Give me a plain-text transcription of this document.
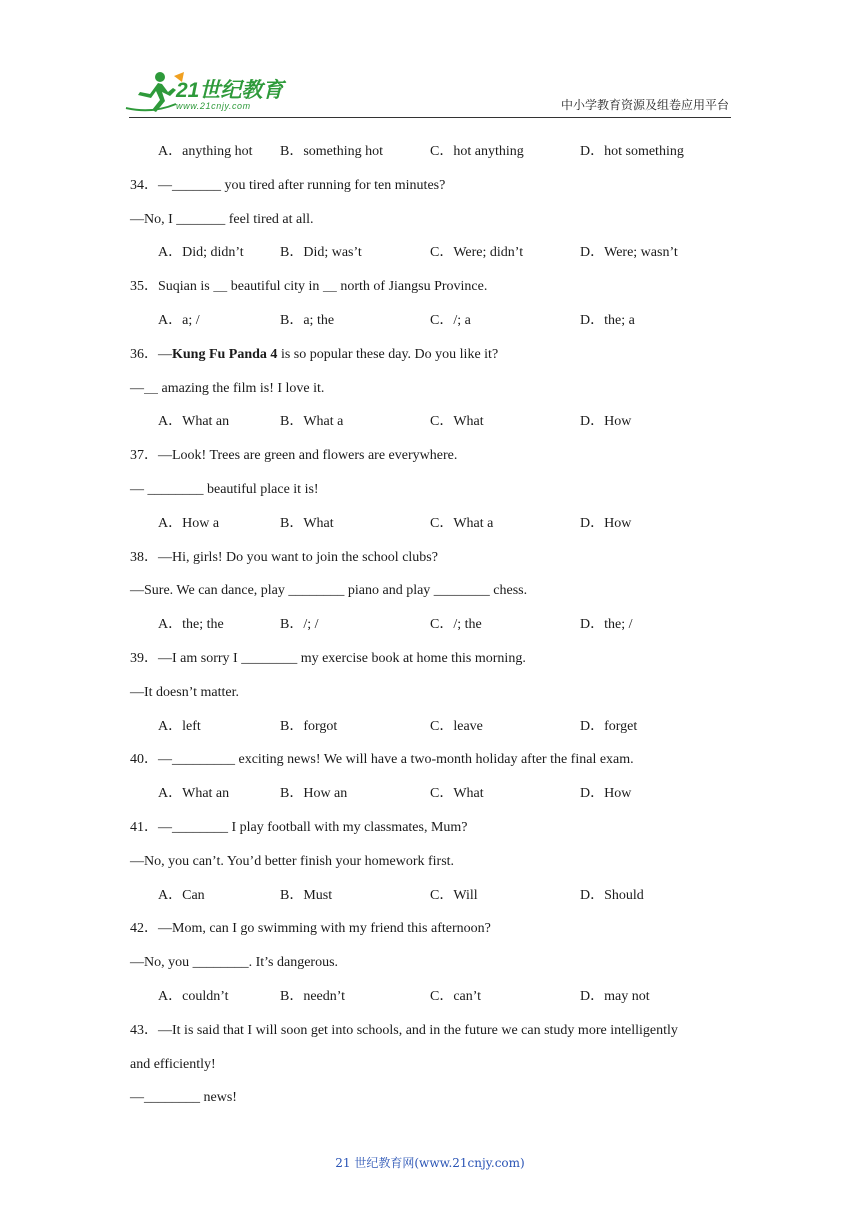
21世纪教育
www.21cnjy.com	中小学教育资源及组卷应用平台
A．anything hot	B．something hot	C．hot anything	D．hot something
34．—_______ you tired after running for ten minutes?
—No, I _______ feel tired at all.
A．Did; didn’t	B．Did; was’t	C．Were; didn’t	D．Were; wasn’t
35．Suqian is ＿ beautiful city in ＿ north of Jiangsu Province.
A．a; /	B．a; the	C．/; a	D．the; a
36．—Kung Fu Panda 4 is so popular these day. Do you like it?
—＿ amazing the film is! I love it.
A．What an	B．What a	C．What	D．How
37．—Look! Trees are green and flowers are everywhere.
— ________ beautiful place it is!
A．How a	B．What	C．What a	D．How
38．—Hi, girls! Do you want to join the school clubs?
—Sure. We can dance, play ________ piano and play ________ chess.
A．the; the	B．/; /	C．/; the	D．the; /
39．—I am sorry I ________ my exercise book at home this morning.
—It doesn’t matter.
A．left	B．forgot	C．leave	D．forget
40．—_________ exciting news! We will have a two-month holiday after the final exam.
A．What an	B．How an	C．What	D．How
41．—________ I play football with my classmates, Mum?
—No, you can’t. You’d better finish your homework first.
A．Can	B．Must	C．Will	D．Should
42．—Mom, can I go swimming with my friend this afternoon?
—No, you ________. It’s dangerous.
A．couldn’t	B．needn’t	C．can’t	D．may not
43．—It is said that I will soon get into schools, and in the future we can study more intelligently
and efficiently!
—________ news!
21 世纪教育网(www.21cnjy.com)
